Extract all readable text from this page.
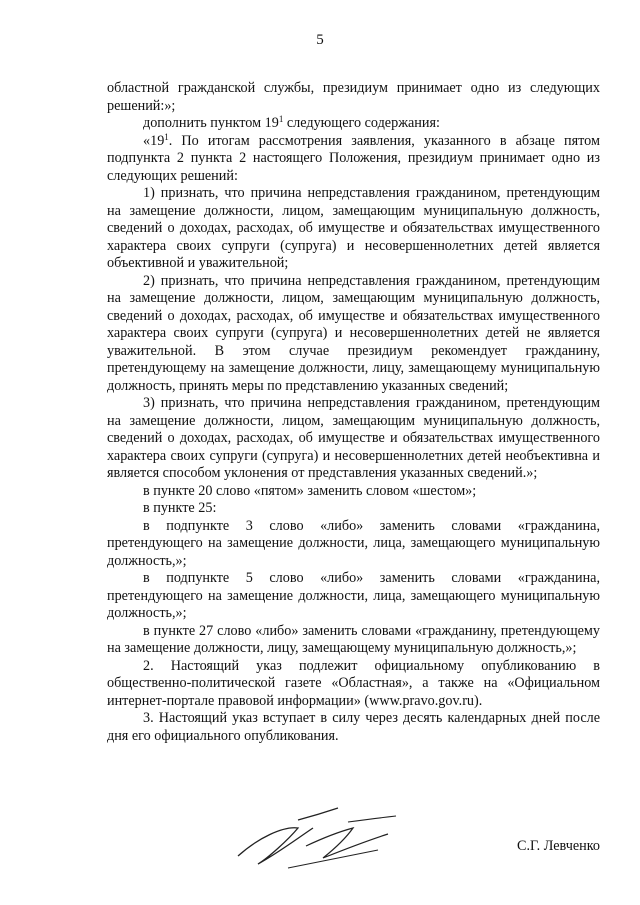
5

областной гражданской службы, президиум принимает одно из следующих решений:»;

дополнить пунктом $19^1$ следующего содержания:

«$19^1$. По итогам рассмотрения заявления, указанного в абзаце пятом подпункта 2 пункта 2 настоящего Положения, президиум принимает одно из следующих решений:

1) признать, что причина непредставления гражданином, претендующим на замещение должности, лицом, замещающим муниципальную должность, сведений о доходах, расходах, об имуществе и обязательствах имущественного характера своих супруги (супруга) и несовершеннолетних детей является объективной и уважительной;

2) признать, что причина непредставления гражданином, претендующим на замещение должности, лицом, замещающим муниципальную должность, сведений о доходах, расходах, об имуществе и обязательствах имущественного характера своих супруги (супруга) и несовершеннолетних детей не является уважительной. В этом случае президиум рекомендует гражданину, претендующему на замещение должности, лицу, замещающему муниципальную должность, принять меры по представлению указанных сведений;

3) признать, что причина непредставления гражданином, претендующим на замещение должности, лицом, замещающим муниципальную должность, сведений о доходах, расходах, об имуществе и обязательствах имущественного характера своих супруги (супруга) и несовершеннолетних детей необъективна и является способом уклонения от представления указанных сведений.»;

в пункте 20 слово «пятом» заменить словом «шестом»;

в пункте 25:

в подпункте 3 слово «либо» заменить словами «гражданина, претендующего на замещение должности, лица, замещающего муниципальную должность,»;

в подпункте 5 слово «либо» заменить словами «гражданина, претендующего на замещение должности, лица, замещающего муниципальную должность,»;

в пункте 27 слово «либо» заменить словами «гражданину, претендующему на замещение должности, лицу, замещающему муниципальную должность,»;

2. Настоящий указ подлежит официальному опубликованию в общественно-политической газете «Областная», а также на «Официальном интернет-портале правовой информации» (www.pravo.gov.ru).

3. Настоящий указ вступает в силу через десять календарных дней после дня его официального опубликования.

С.Г. Левченко
